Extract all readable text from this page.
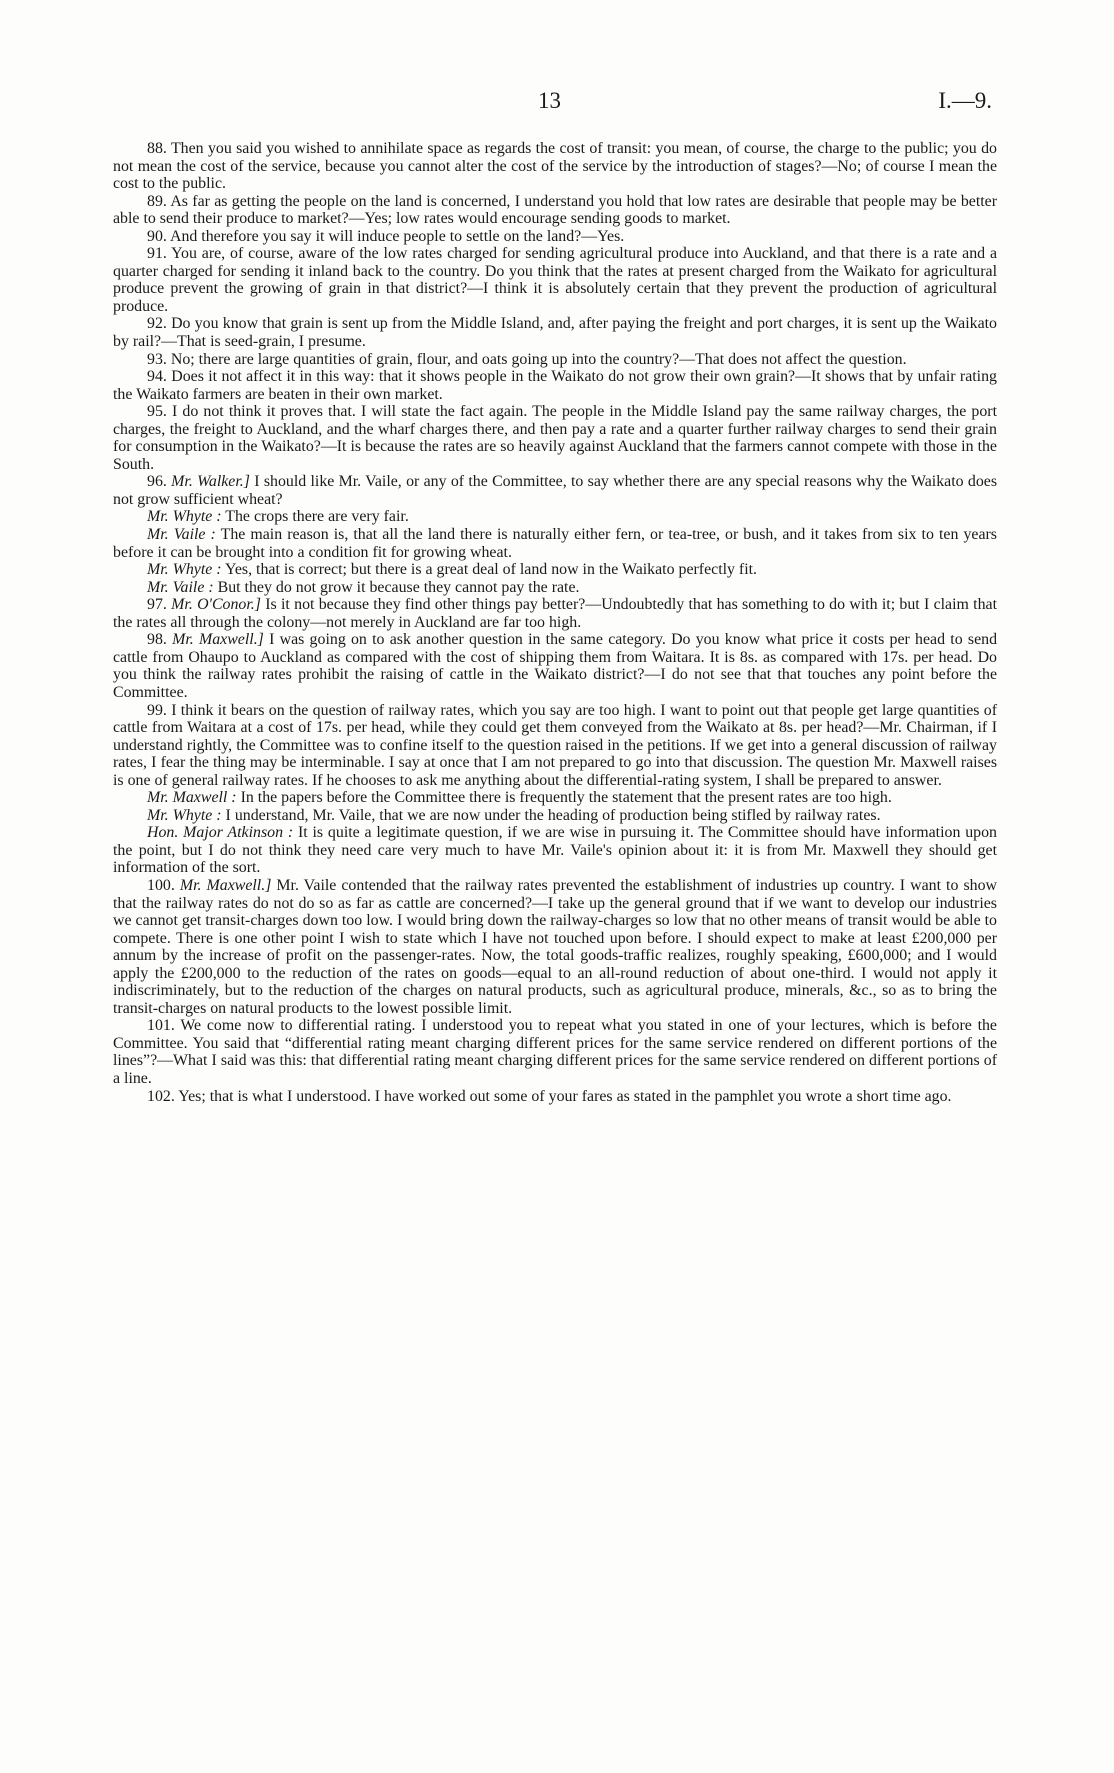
13	I.—9.

88. Then you said you wished to annihilate space as regards the cost of transit: you mean, of course, the charge to the public; you do not mean the cost of the service, because you cannot alter the cost of the service by the introduction of stages?—No; of course I mean the cost to the public.

89. As far as getting the people on the land is concerned, I understand you hold that low rates are desirable that people may be better able to send their produce to market?—Yes; low rates would encourage sending goods to market.

90. And therefore you say it will induce people to settle on the land?—Yes.

91. You are, of course, aware of the low rates charged for sending agricultural produce into Auckland, and that there is a rate and a quarter charged for sending it inland back to the country. Do you think that the rates at present charged from the Waikato for agricultural produce prevent the growing of grain in that district?—I think it is absolutely certain that they prevent the production of agricultural produce.

92. Do you know that grain is sent up from the Middle Island, and, after paying the freight and port charges, it is sent up the Waikato by rail?—That is seed-grain, I presume.

93. No; there are large quantities of grain, flour, and oats going up into the country?—That does not affect the question.

94. Does it not affect it in this way: that it shows people in the Waikato do not grow their own grain?—It shows that by unfair rating the Waikato farmers are beaten in their own market.

95. I do not think it proves that. I will state the fact again. The people in the Middle Island pay the same railway charges, the port charges, the freight to Auckland, and the wharf charges there, and then pay a rate and a quarter further railway charges to send their grain for consumption in the Waikato?—It is because the rates are so heavily against Auckland that the farmers cannot compete with those in the South.

96. Mr. Walker.] I should like Mr. Vaile, or any of the Committee, to say whether there are any special reasons why the Waikato does not grow sufficient wheat?

Mr. Whyte : The crops there are very fair.

Mr. Vaile : The main reason is, that all the land there is naturally either fern, or tea-tree, or bush, and it takes from six to ten years before it can be brought into a condition fit for growing wheat.

Mr. Whyte : Yes, that is correct; but there is a great deal of land now in the Waikato perfectly fit.

Mr. Vaile : But they do not grow it because they cannot pay the rate.

97. Mr. O'Conor.] Is it not because they find other things pay better?—Undoubtedly that has something to do with it; but I claim that the rates all through the colony—not merely in Auckland are far too high.

98. Mr. Maxwell.] I was going on to ask another question in the same category. Do you know what price it costs per head to send cattle from Ohaupo to Auckland as compared with the cost of shipping them from Waitara. It is 8s. as compared with 17s. per head. Do you think the railway rates prohibit the raising of cattle in the Waikato district?—I do not see that that touches any point before the Committee.

99. I think it bears on the question of railway rates, which you say are too high. I want to point out that people get large quantities of cattle from Waitara at a cost of 17s. per head, while they could get them conveyed from the Waikato at 8s. per head?—Mr. Chairman, if I understand rightly, the Committee was to confine itself to the question raised in the petitions. If we get into a general discussion of railway rates, I fear the thing may be interminable. I say at once that I am not prepared to go into that discussion. The question Mr. Maxwell raises is one of general railway rates. If he chooses to ask me anything about the differential-rating system, I shall be prepared to answer.

Mr. Maxwell : In the papers before the Committee there is frequently the statement that the present rates are too high.

Mr. Whyte : I understand, Mr. Vaile, that we are now under the heading of production being stifled by railway rates.

Hon. Major Atkinson : It is quite a legitimate question, if we are wise in pursuing it. The Committee should have information upon the point, but I do not think they need care very much to have Mr. Vaile's opinion about it: it is from Mr. Maxwell they should get information of the sort.

100. Mr. Maxwell.] Mr. Vaile contended that the railway rates prevented the establishment of industries up country. I want to show that the railway rates do not do so as far as cattle are concerned?—I take up the general ground that if we want to develop our industries we cannot get transit-charges down too low. I would bring down the railway-charges so low that no other means of transit would be able to compete. There is one other point I wish to state which I have not touched upon before. I should expect to make at least £200,000 per annum by the increase of profit on the passenger-rates. Now, the total goods-traffic realizes, roughly speaking, £600,000; and I would apply the £200,000 to the reduction of the rates on goods—equal to an all-round reduction of about one-third. I would not apply it indiscriminately, but to the reduction of the charges on natural products, such as agricultural produce, minerals, &c., so as to bring the transit-charges on natural products to the lowest possible limit.

101. We come now to differential rating. I understood you to repeat what you stated in one of your lectures, which is before the Committee. You said that “differential rating meant charging different prices for the same service rendered on different portions of the lines”?—What I said was this: that differential rating meant charging different prices for the same service rendered on different portions of a line.

102. Yes; that is what I understood. I have worked out some of your fares as stated in the pamphlet you wrote a short time ago.
